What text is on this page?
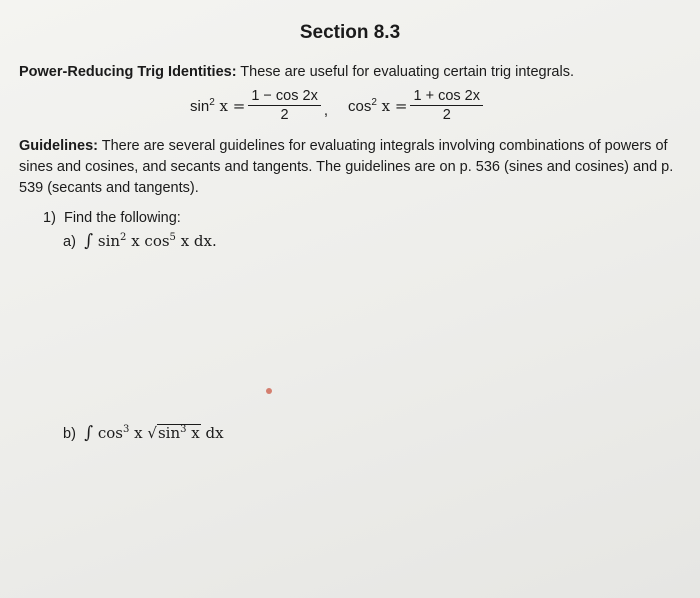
Section 8.3
Power-Reducing Trig Identities: These are useful for evaluating certain trig integrals.
$\sin^2 x = \frac{1 - \cos 2x}{2}$ , $\cos^2 x = \frac{1 + \cos 2x}{2}$
Guidelines: There are several guidelines for evaluating integrals involving combinations of powers of sines and cosines, and secants and tangents. The guidelines are on p. 536 (sines and cosines) and p. 539 (secants and tangents).
1) Find the following:
a) ∫ $\sin^2 x$ $\cos^5 x$ dx.
b) ∫ $\cos^3 x$ $√\sin^3$ x dx
